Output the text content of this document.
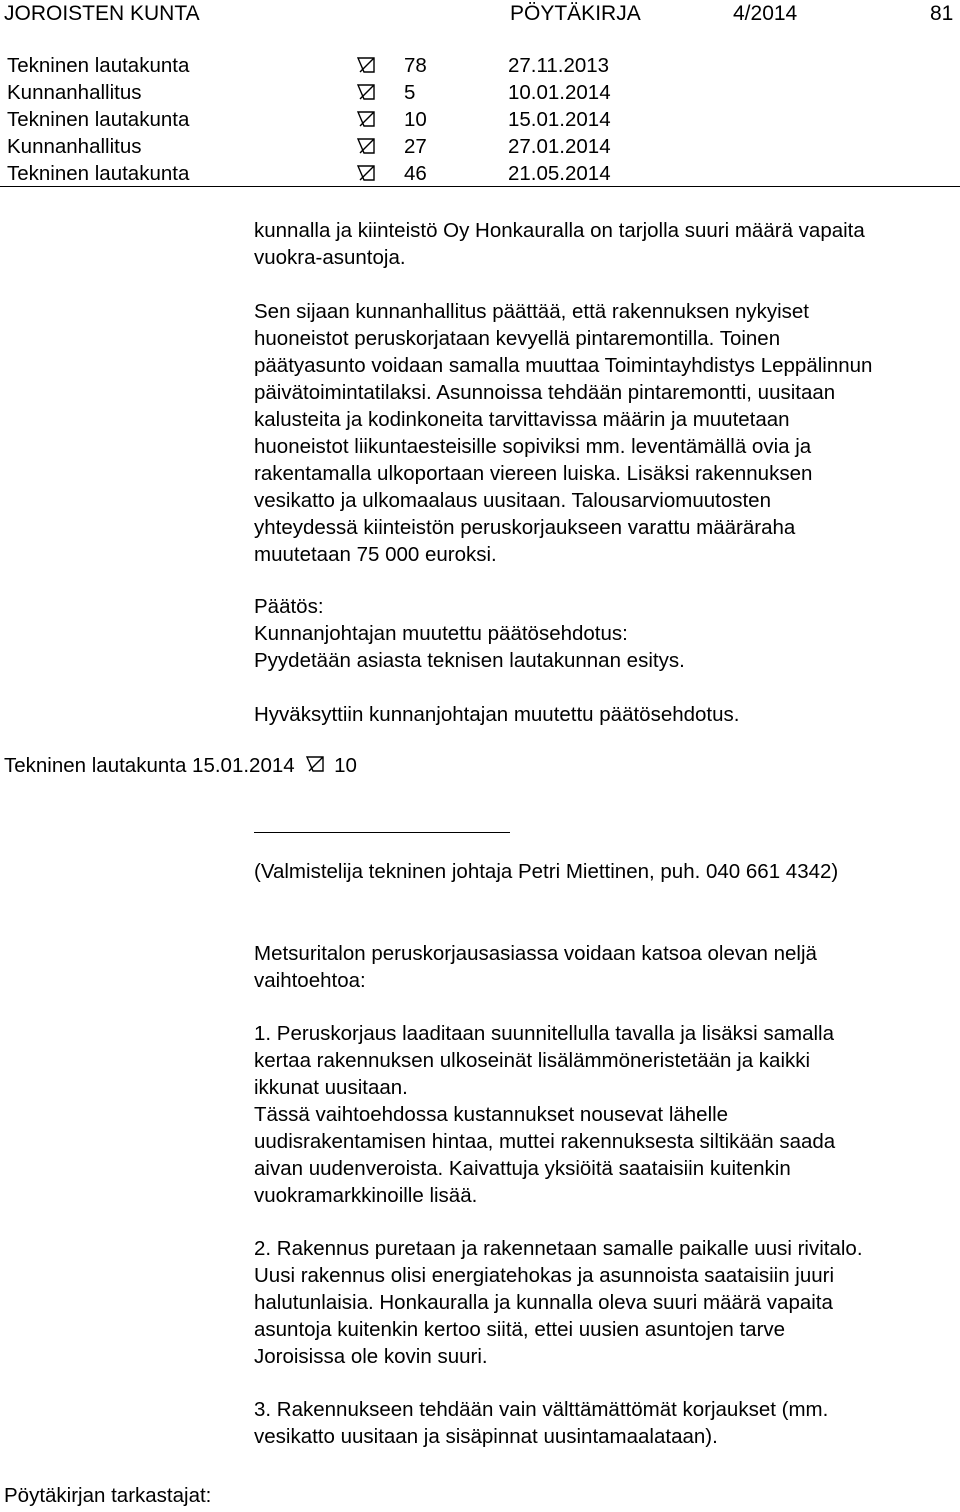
JOROISTEN KUNTA	PÖYTÄKIRJA	4/2014	81
Tekninen lautakunta	78	27.11.2013
Kunnanhallitus	5	10.01.2014
Tekninen lautakunta	10	15.01.2014
Kunnanhallitus	27	27.01.2014
Tekninen lautakunta	46	21.05.2014

kunnalla ja kiinteistö Oy Honkauralla on tarjolla suuri määrä vapaita
vuokra-asuntoja.

Sen sijaan kunnanhallitus päättää, että rakennuksen nykyiset
huoneistot peruskorjataan kevyellä pintaremontilla. Toinen
päätyasunto voidaan samalla muuttaa Toimintayhdistys Leppälinnun
päivätoimintatilaksi. Asunnoissa tehdään pintaremontti, uusitaan
kalusteita ja kodinkoneita tarvittavissa määrin ja muutetaan
huoneistot liikuntaesteisille sopiviksi mm. leventämällä ovia ja
rakentamalla ulkoportaan viereen luiska. Lisäksi rakennuksen
vesikatto ja ulkomaalaus uusitaan. Talousarviomuutosten
yhteydessä kiinteistön peruskorjaukseen varattu määräraha
muutetaan 75 000 euroksi.

Päätös:
Kunnanjohtajan muutettu päätösehdotus:
Pyydetään asiasta teknisen lautakunnan esitys.

Hyväksyttiin kunnanjohtajan muutettu päätösehdotus.

Tekninen lautakunta 15.01.2014 10
(Valmistelija tekninen johtaja Petri Miettinen, puh. 040 661 4342)

Metsuritalon peruskorjausasiassa voidaan katsoa olevan neljä
vaihtoehtoa:

1. Peruskorjaus laaditaan suunnitellulla tavalla ja lisäksi samalla
kertaa rakennuksen ulkoseinät lisälämmöneristetään ja kaikki
ikkunat uusitaan.
Tässä vaihtoehdossa kustannukset nousevat lähelle
uudisrakentamisen hintaa, muttei rakennuksesta siltikään saada
aivan uudenveroista. Kaivattuja yksiöitä saataisiin kuitenkin
vuokramarkkinoille lisää.

2. Rakennus puretaan ja rakennetaan samalle paikalle uusi rivitalo.
Uusi rakennus olisi energiatehokas ja asunnoista saataisiin juuri
halutunlaisia. Honkauralla ja kunnalla oleva suuri määrä vapaita
asuntoja kuitenkin kertoo siitä, ettei uusien asuntojen tarve
Joroisissa ole kovin suuri.

3. Rakennukseen tehdään vain välttämättömät korjaukset (mm.
vesikatto uusitaan ja sisäpinnat uusintamaalataan).

Pöytäkirjan tarkastajat:
